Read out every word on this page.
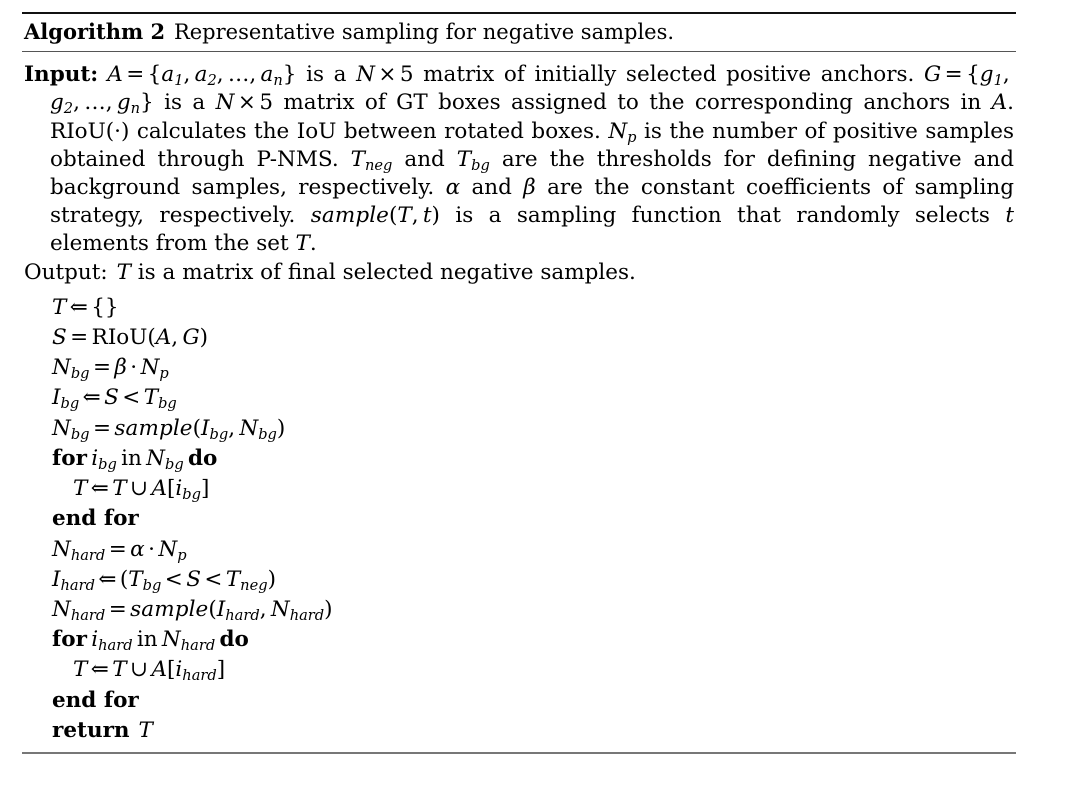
Algorithm 2 Representative sampling for negative samples.

Input: $A = \{a_1$,  $a_2$,  …,  $a_n$} is a N × 5 matrix of initially selected positive anchors. $G = \{g_1$, $g_2$,  …,  $g_n$} is a N × 5 matrix of GT boxes assigned to the corresponding anchors in A. RIoU(·) calculates the IoU between rotated boxes. $N_p$ is the number of positive samples obtained through P-NMS. $T_{neg}$ and $T_{bg}$ are the thresholds for defining negative and background samples, respectively. α and β are the constant coefficients of sampling strategy, respectively. sample(T,  t) is a sampling function that randomly selects t elements from the set T.

Output: T is a matrix of final selected negative samples.
T ⇐ {}
S = RIoU(A,  G)
$N_{bg} = \beta \cdot N_p$
$I_{bg}$ ⇐ $S < T_{bg}$
$N_{bg}$ = $sample(I_{bg}$,  $N_{bg}$)
for  $i_{bg}$  in  $N_{bg}$  do
T ⇐ T ∪ $A[i_{bg}]$
end for
$N_{hard} = \alpha \cdot N_p$
$I_{hard}$ ⇐ $(T_{bg} < S < T_{neg})$
$N_{hard}$ = $sample(I_{hard}$,  $N_{hard}$)
for  $i_{hard}$  in  $N_{hard}$  do
T ⇐ T ∪ $A[i_{hard}]$
end for
return T
